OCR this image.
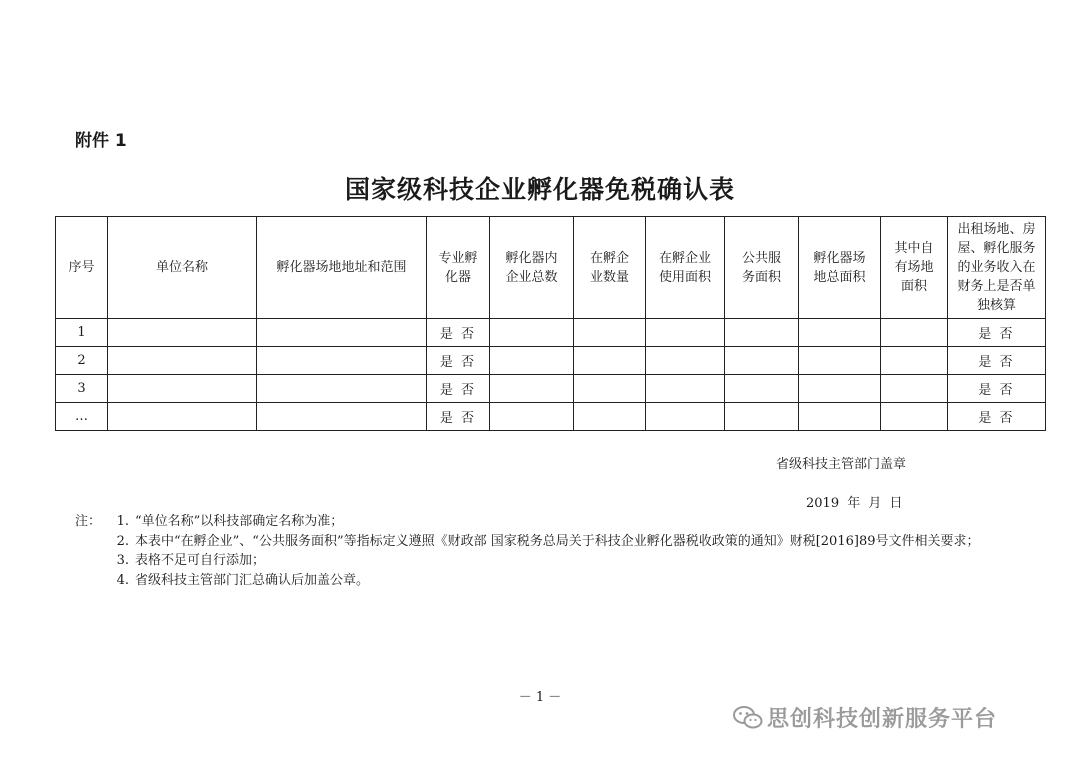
附件 1
国家级科技企业孵化器免税确认表
序号	单位名称	孵化器场地地址和范围	专业孵化器	孵化器内企业总数	在孵企业数量	在孵企业使用面积	公共服务面积	孵化器场地总面积	其中自有场地面积	出租场地、房屋、孵化服务的业务收入在财务上是否单独核算
1			是 否							是 否
2			是 否							是 否
3			是 否							是 否
…			是 否							是 否
省级科技主管部门盖章
2019 年 月 日
注：	1. “单位名称”以科技部确定名称为准；
2. 本表中“在孵企业”、“公共服务面积”等指标定义遵照《财政部 国家税务总局关于科技企业孵化器税收政策的通知》财税[2016]89号文件相关要求；
3. 表格不足可自行添加；
4. 省级科技主管部门汇总确认后加盖公章。
－ 1 －
思创科技创新服务平台
